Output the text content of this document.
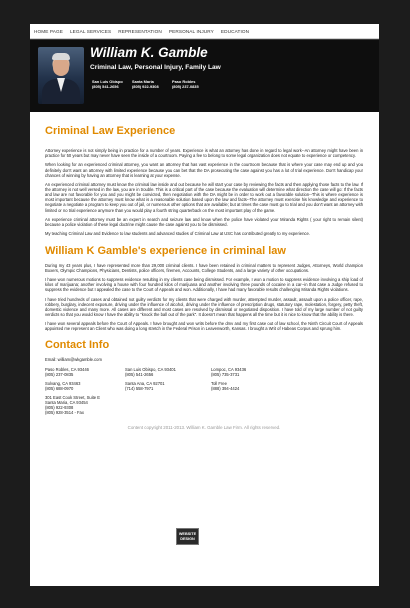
HOME PAGE LEGAL SERVICES REPRESENTATION PERSONAL INJURY EDUCATION
William K. Gamble
Criminal Law, Personal Injury, Family Law
San Luis Obispo
(805) 541-2656
Santa Maria
(805) 922-9308
Paso Robles
(805) 237-0835
Criminal Law Experience

Attorney experience is not simply being in practice for a number of years. Experience is what an attorney has done in regard to legal work--An attorney might have been in practice for 50 years but may never have seen the inside of a courtroom. Paying a fee to belong to some legal organization does not equate to experience or competency.

When looking for an experienced criminal attorney, you want an attorney that has vast experience in the courtroom because that is where your case may end up and you definitely don't want an attorney with limited experience because you can bet that the DA prosecuting the case against you has a lot of trial experience. Don't handicap your chances of winning by having an attorney that is learning at your expense.

An experienced criminal attorney must know the criminal law inside and out because he will start your case by reviewing the facts and then applying those facts to the law. If the attorney is not well versed in the law, you are in trouble. This is a critical part of the case because the evaluation will determine what direction the case will go: If the facts and law are not favorable for you and you might be convicted, then negotiation with the DA might be in order to work out a favorable solution--This is where experience is most important because the attorney must know what is a reasonable solution based upon the law and facts--The attorney must exercise his knowledge and experience to negotiate a negotiate a program to keep you out of jail, or numerous other options that are available; but at times the case must go to trial and you don't want an attorney with limited or no trial experience anymore than you would play a fourth string quarterback on the most important play of the game.

An experience criminal attorney must be an expert in search and seizure law and know when the police have violated your Miranda Rights ( your right to remain silent) because a police violation of these legal doctrine might cause the case against you to be dismissed.

My teaching Criminal Law and Evidence to law students and advanced studies of Criminal Law at USC has contributed greatly to my experience.

William K Gamble's experience in criminal law

During my 43 years plus, I have represented more than 29,000 criminal clients. I have been retained in criminal matters to represent Judges, Attorneys, World champion Boxers, Olympic Champions, Physicians, Dentists, police officers, firemen, Accounts, College Students, and a large variety of other occupations.

I have won numerous motions to suppress evidence resulting in my clients case being dismissed. For example, I won a motion to suppress evidence involving a ship load of kilos of marijuana; another involving a house with four hundred kilos of marijuana and another involving three pounds of cocaine in a car--in that case a Judge refused to suppress the evidence but I appealed the case to the Court of Appeals and won. Additionally, I have had many favorable results challenging Miranda Rights violations.

I have tried hundreds of cases and obtained not guilty verdicts for my clients that were charged with murder, attempted murder, assault, assault upon a police officer, rape, robbery, burglary, indecent exposure, driving under the influence of alcohol, driving under the influence of prescription drugs, statutory rape, molestation, forgery, petty theft, domestic violence and many more. All cases are different and most cases are resolved by dismissal or negotiated disposition. I have told of my large number of not guilty verdicts so that you would know I have the ability to "knock the ball out of the park". It doesn't mean that happens all the time but it is nice to know that the ability is there.

I have won several appeals before the Court of Appeals. I have brought and won writs before the dmv and my first case out of law school, the Ninth Circuit Court of Appeals appointed me represent an Client who was doing a long stretch in the Federal Prison in Leavenworth, Kansas. I brought a Writ of Habeas Corpus and sprung him.

Contact Info
Email: william@wkgamble.com
Paso Robles, CA 93446
(805) 237-0835
San Luis Obispo, CA 93401
(805) 541-2656
Lompoc, CA 93436
(805) 735-3731
Solvang, CA 93463
(805) 688-0970
Santa Ana, CA 92701
(714) 558-7971
Toll Free
(888) 394-4424
301 East Cook Street, Suite E
Santa Maria, CA 93454
(805) 922-9308
(805) 928-3514 - Fax
Content copyright 2011-2013. William K. Gamble Law Firm. All rights reserved.
WEBSITE
DESIGN
